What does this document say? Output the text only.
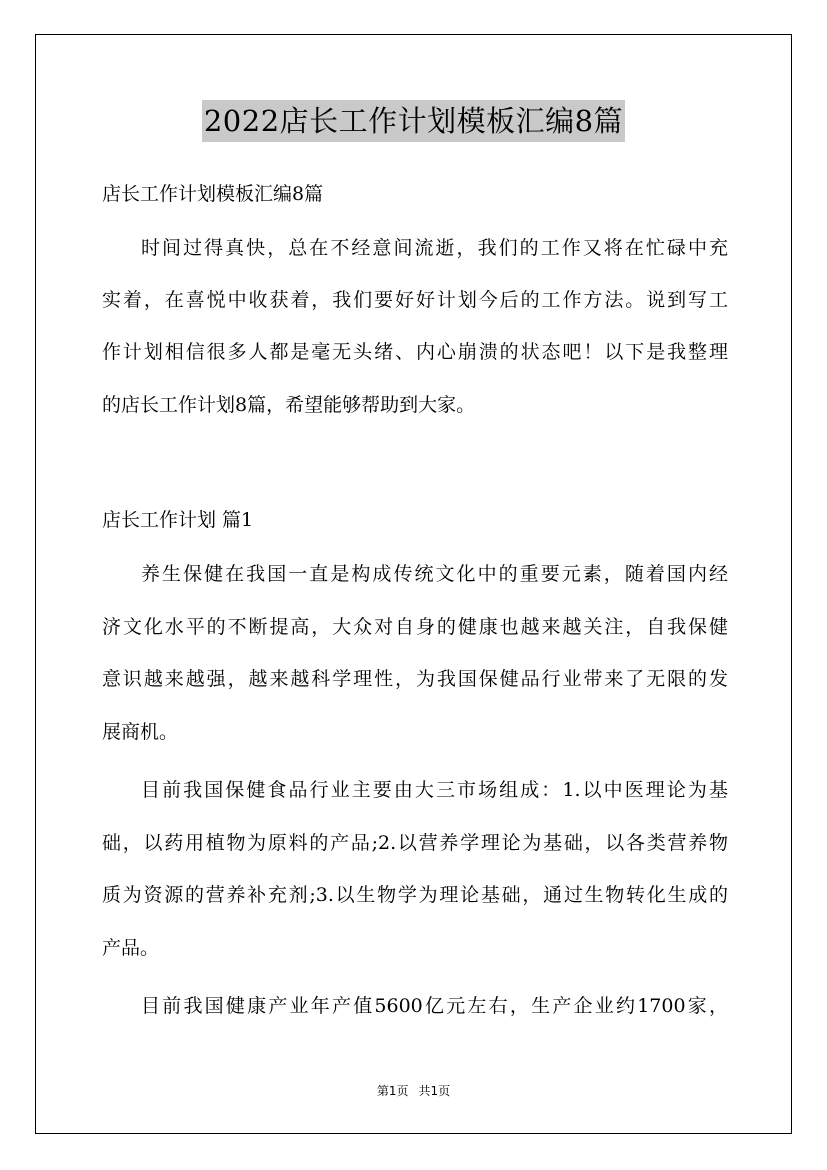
2022店长工作计划模板汇编8篇
店长工作计划模板汇编8篇
时间过得真快，总在不经意间流逝，我们的工作又将在忙碌中充
实着，在喜悦中收获着，我们要好好计划今后的工作方法。说到写工
作计划相信很多人都是毫无头绪、内心崩溃的状态吧！以下是我整理
的店长工作计划8篇，希望能够帮助到大家。
店长工作计划 篇1
养生保健在我国一直是构成传统文化中的重要元素，随着国内经
济文化水平的不断提高，大众对自身的健康也越来越关注，自我保健
意识越来越强，越来越科学理性，为我国保健品行业带来了无限的发
展商机。
目前我国保健食品行业主要由大三市场组成：1.以中医理论为基
础，以药用植物为原料的产品;2.以营养学理论为基础，以各类营养物
质为资源的营养补充剂;3.以生物学为理论基础，通过生物转化生成的
产品。
目前我国健康产业年产值5600亿元左右，生产企业约1700家，
第1页 共1页
